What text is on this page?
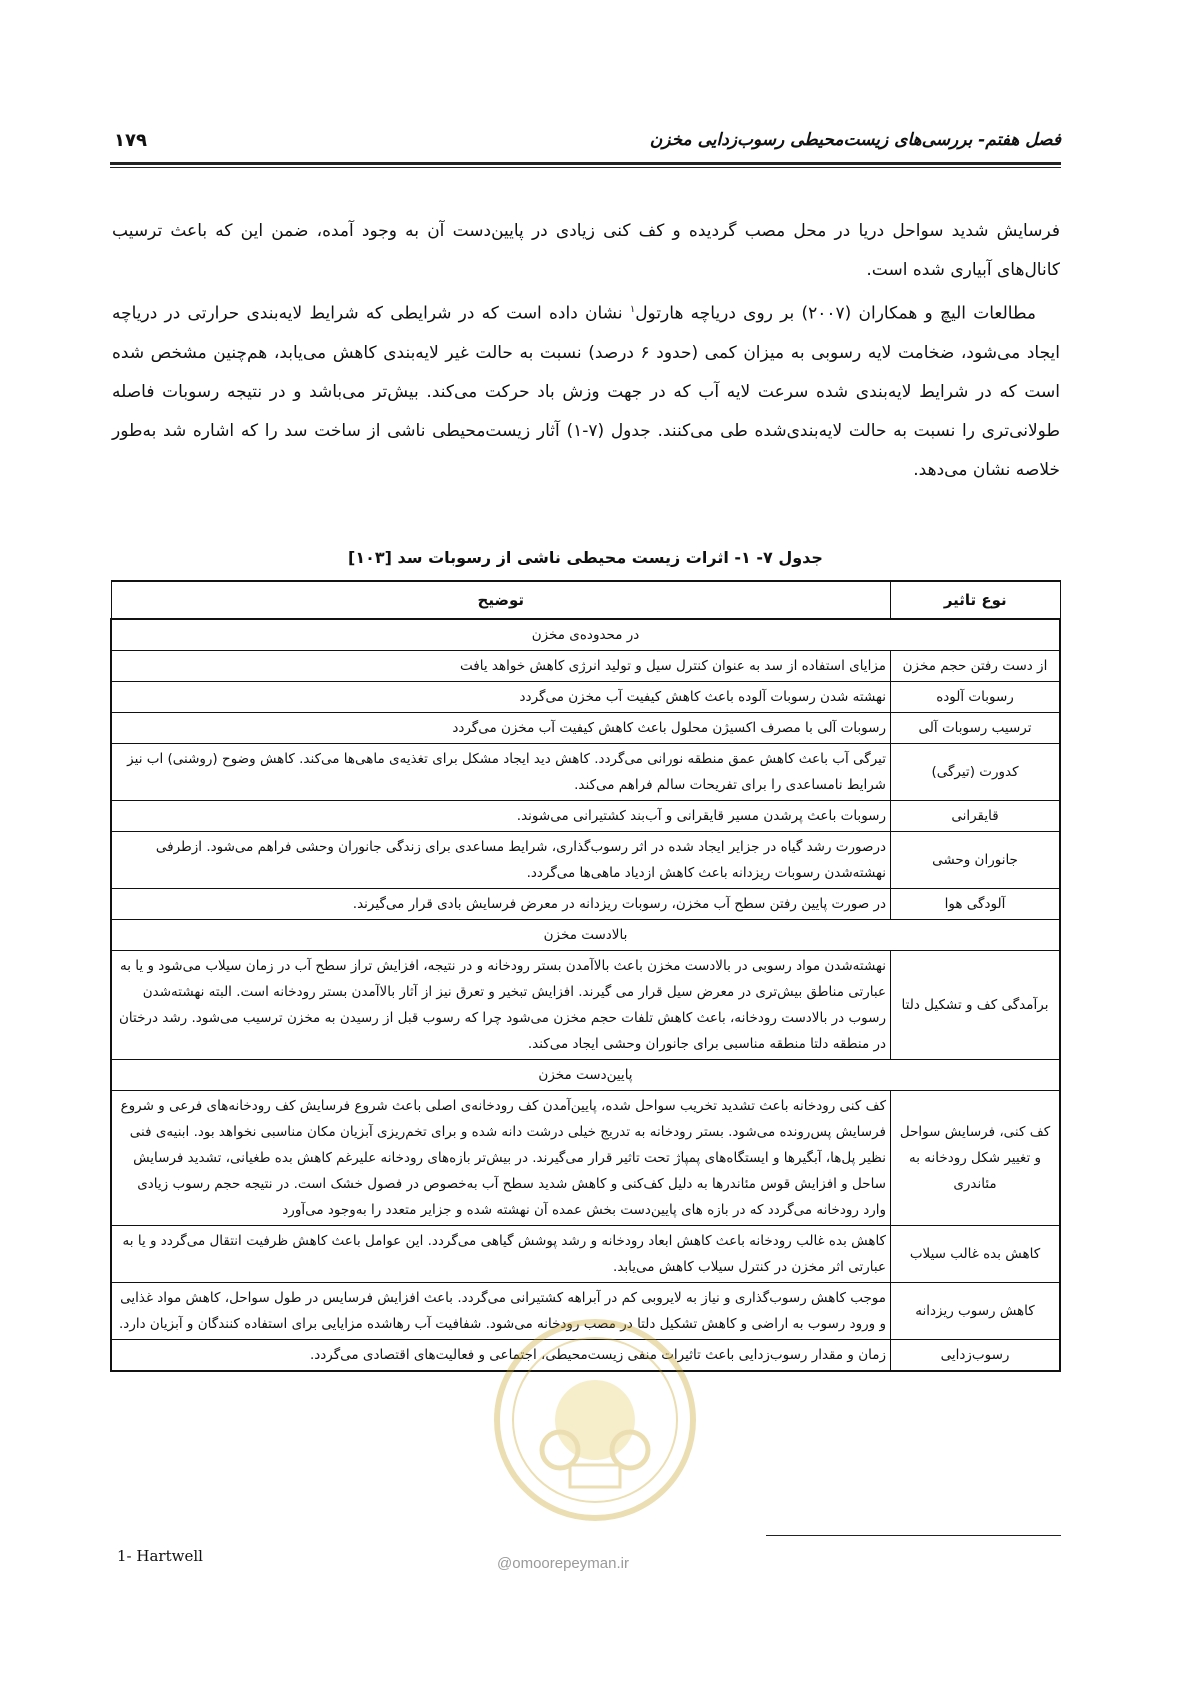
فصل هفتم- بررسی‌های زیست‌محیطی رسوب‌زدایی مخزن
۱۷۹

فرسایش شدید سواحل دریا در محل مصب گردیده و کف کنی زیادی در پایین‌دست آن به وجود آمده، ضمن این که باعث ترسیب کانال‌های آبیاری شده است.

مطالعات الیچ و همکاران (۲۰۰۷) بر روی دریاچه هارتول$^۱$ نشان داده است که در شرایطی که شرایط لایه‌بندی حرارتی در دریاچه ایجاد می‌شود، ضخامت لایه رسوبی به میزان کمی (حدود ۶ درصد) نسبت به حالت غیر لایه‌بندی کاهش می‌یابد، هم‌چنین مشخص شده است که در شرایط لایه‌بندی شده سرعت لایه آب که در جهت وزش باد حرکت می‌کند. بیش‌تر می‌باشد و در نتیجه رسوبات فاصله طولانی‌تری را نسبت به حالت لایه‌بندی‌شده طی می‌کنند. جدول (۷-۱) آثار زیست‌محیطی ناشی از ساخت سد را که اشاره شد به‌طور خلاصه نشان می‌دهد.

جدول ۷- ۱- اثرات زیست محیطی ناشی از رسوبات سد [۱۰۳]
نوع تاثیر	توضیح
در محدوده‌ی مخزن	
از دست رفتن حجم مخزن	مزایای استفاده از سد به عنوان کنترل سیل و تولید انرژی کاهش خواهد یافت
رسوبات آلوده	نهشته شدن رسوبات آلوده باعث کاهش کیفیت آب مخزن می‌گردد
ترسیب رسوبات آلی	رسوبات آلی با مصرف اکسیژن محلول باعث کاهش کیفیت آب مخزن می‌گردد
کدورت (تیرگی)	تیرگی آب باعث کاهش عمق منطقه نورانی می‌گردد. کاهش دید ایجاد مشکل برای تغذیه‌ی ماهی‌ها می‌کند. کاهش وضوح (روشنی) اب نیز شرایط نامساعدی را برای تفریحات سالم فراهم می‌کند.
قایقرانی	رسوبات باعث پرشدن مسیر قایقرانی و آب‌بند کشتیرانی می‌شوند.
جانوران وحشی	درصورت رشد گیاه در جزایر ایجاد شده در اثر رسوب‌گذاری، شرایط مساعدی برای زندگی جانوران وحشی فراهم می‌شود. ازطرفی نهشته‌شدن رسوبات ریزدانه باعث کاهش ازدیاد ماهی‌ها می‌گردد.
آلودگی هوا	در صورت پایین رفتن سطح آب مخزن، رسوبات ریزدانه در معرض فرسایش بادی قرار می‌گیرند.
بالادست مخزن	
برآمدگی کف و تشکیل دلتا	نهشته‌شدن مواد رسوبی در بالادست مخزن باعث بالاآمدن بستر رودخانه و در نتیجه، افزایش تراز سطح آب در زمان سیلاب می‌شود و یا به عبارتی مناطق بیش‌تری در معرض سیل قرار می گیرند. افزایش تبخیر و تعرق نیز از آثار بالاآمدن بستر رودخانه است. البته نهشته‌شدن رسوب در بالادست رودخانه، باعث کاهش تلفات حجم مخزن می‌شود چرا که رسوب قبل از رسیدن به مخزن ترسیب می‌شود. رشد درختان در منطقه دلتا منطقه مناسبی برای جانوران وحشی ایجاد می‌کند.
پایین‌دست مخزن	
کف کنی، فرسایش سواحل و تغییر شکل رودخانه به مئاندری	کف کنی رودخانه باعث تشدید تخریب سواحل شده، پایین‌آمدن کف رودخانه‌ی اصلی باعث شروع فرسایش کف رودخانه‌های فرعی و شروع فرسایش پس‌رونده می‌شود. بستر رودخانه به تدریج خیلی درشت دانه شده و برای تخم‌ریزی آبزیان مکان مناسبی نخواهد بود. ابنیه‌ی فنی نظیر پل‌ها، آبگیرها و ایستگاه‌های پمپاژ تحت تاثیر قرار می‌گیرند. در بیش‌تر بازه‌های رودخانه علیرغم کاهش بده طغیانی، تشدید فرسایش ساحل و افزایش قوس مئاندرها به دلیل کف‌کنی و کاهش شدید سطح آب به‌خصوص در فصول خشک است. در نتیجه حجم رسوب زیادی وارد رودخانه می‌گردد که در بازه های پایین‌دست بخش عمده آن نهشته شده و جزایر متعدد را به‌وجود می‌آورد
کاهش بده غالب سیلاب	کاهش بده غالب رودخانه باعث کاهش ابعاد رودخانه و رشد پوشش گیاهی می‌گردد. این عوامل باعث کاهش ظرفیت انتقال می‌گردد و یا به عبارتی اثر مخزن در کنترل سیلاب کاهش می‌یابد.
کاهش رسوب ریزدانه	موجب کاهش رسوب‌گذاری و نیاز به لایروبی کم در آبراهه کشتیرانی می‌گردد. باعث افزایش فرسایس در طول سواحل، کاهش مواد غذایی و ورود رسوب به اراضی و کاهش تشکیل دلتا در مصب رودخانه می‌شود. شفافیت آب رهاشده مزایایی برای استفاده کنندگان و آبزیان دارد.
رسوب‌زدایی	زمان و مقدار رسوب‌زدایی باعث تاثیرات منفی زیست‌محیطی، اجتماعی و فعالیت‌های اقتصادی می‌گردد.
@omoorepeyman.ir
1- Hartwell
